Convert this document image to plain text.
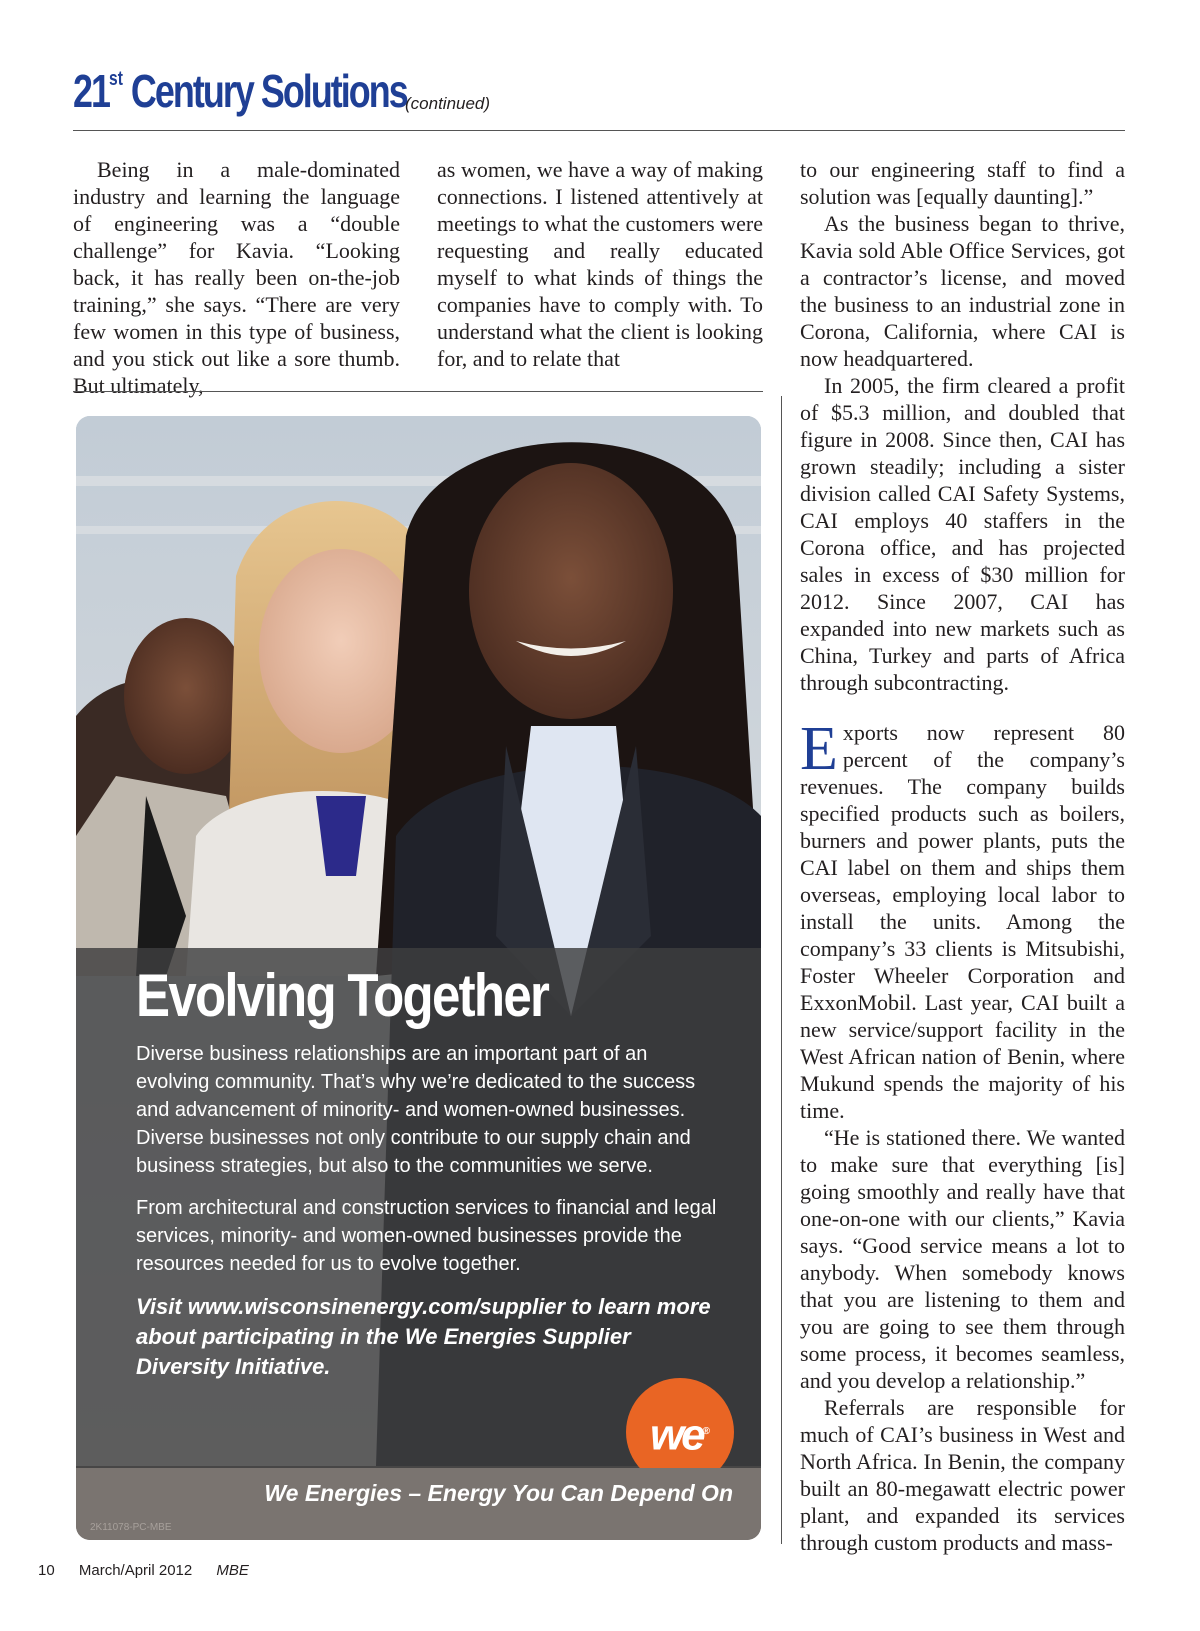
21st Century Solutions
(continued)

Being in a male-dominated industry and learning the language of engineering was a “double challenge” for Kavia. “Looking back, it has really been on-the-job training,” she says. “There are very few women in this type of business, and you stick out like a sore thumb. But ultimately,

as women, we have a way of making connections. I listened attentively at meetings to what the customers were requesting and really educated myself to what kinds of things the companies have to comply with. To understand what the client is looking for, and to relate that

to our engineering staff to find a solution was [equally daunting].”

As the business began to thrive, Kavia sold Able Office Services, got a contractor’s license, and moved the business to an industrial zone in Corona, California, where CAI is now headquartered.

In 2005, the firm cleared a profit of $5.3 million, and doubled that figure in 2008. Since then, CAI has grown steadily; including a sister division called CAI Safety Systems, CAI employs 40 staffers in the Corona office, and has projected sales in excess of $30 million for 2012. Since 2007, CAI has expanded into new markets such as China, Turkey and parts of Africa through subcontracting.

Exports now represent 80 percent of the company’s revenues. The company builds specified products such as boilers, burners and power plants, puts the CAI label on them and ships them overseas, employing local labor to install the units. Among the company’s 33 clients is Mitsubishi, Foster Wheeler Corporation and ExxonMobil. Last year, CAI built a new service/support facility in the West African nation of Benin, where Mukund spends the majority of his time.

“He is stationed there. We wanted to make sure that everything [is] going smoothly and really have that one-on-one with our clients,” Kavia says. “Good service means a lot to anybody. When somebody knows that you are listening to them and you are going to see them through some process, it becomes seamless, and you develop a relationship.”

Referrals are responsible for much of CAI’s business in West and North Africa. In Benin, the company built an 80-megawatt electric power plant, and expanded its services through custom products and mass-

Evolving Together

Diverse business relationships are an important part of an evolving community. That’s why we’re dedicated to the success and advancement of minority- and women-owned businesses. Diverse businesses not only contribute to our supply chain and business strategies, but also to the communities we serve.

From architectural and construction services to financial and legal services, minority- and women-owned businesses provide the resources needed for us to evolve together.

Visit www.wisconsinenergy.com/supplier to learn more about participating in the We Energies Supplier Diversity Initiative.

we®
We Energies – Energy You Can Depend On
2K11078-PC-MBE
10 March/April 2012 MBE
